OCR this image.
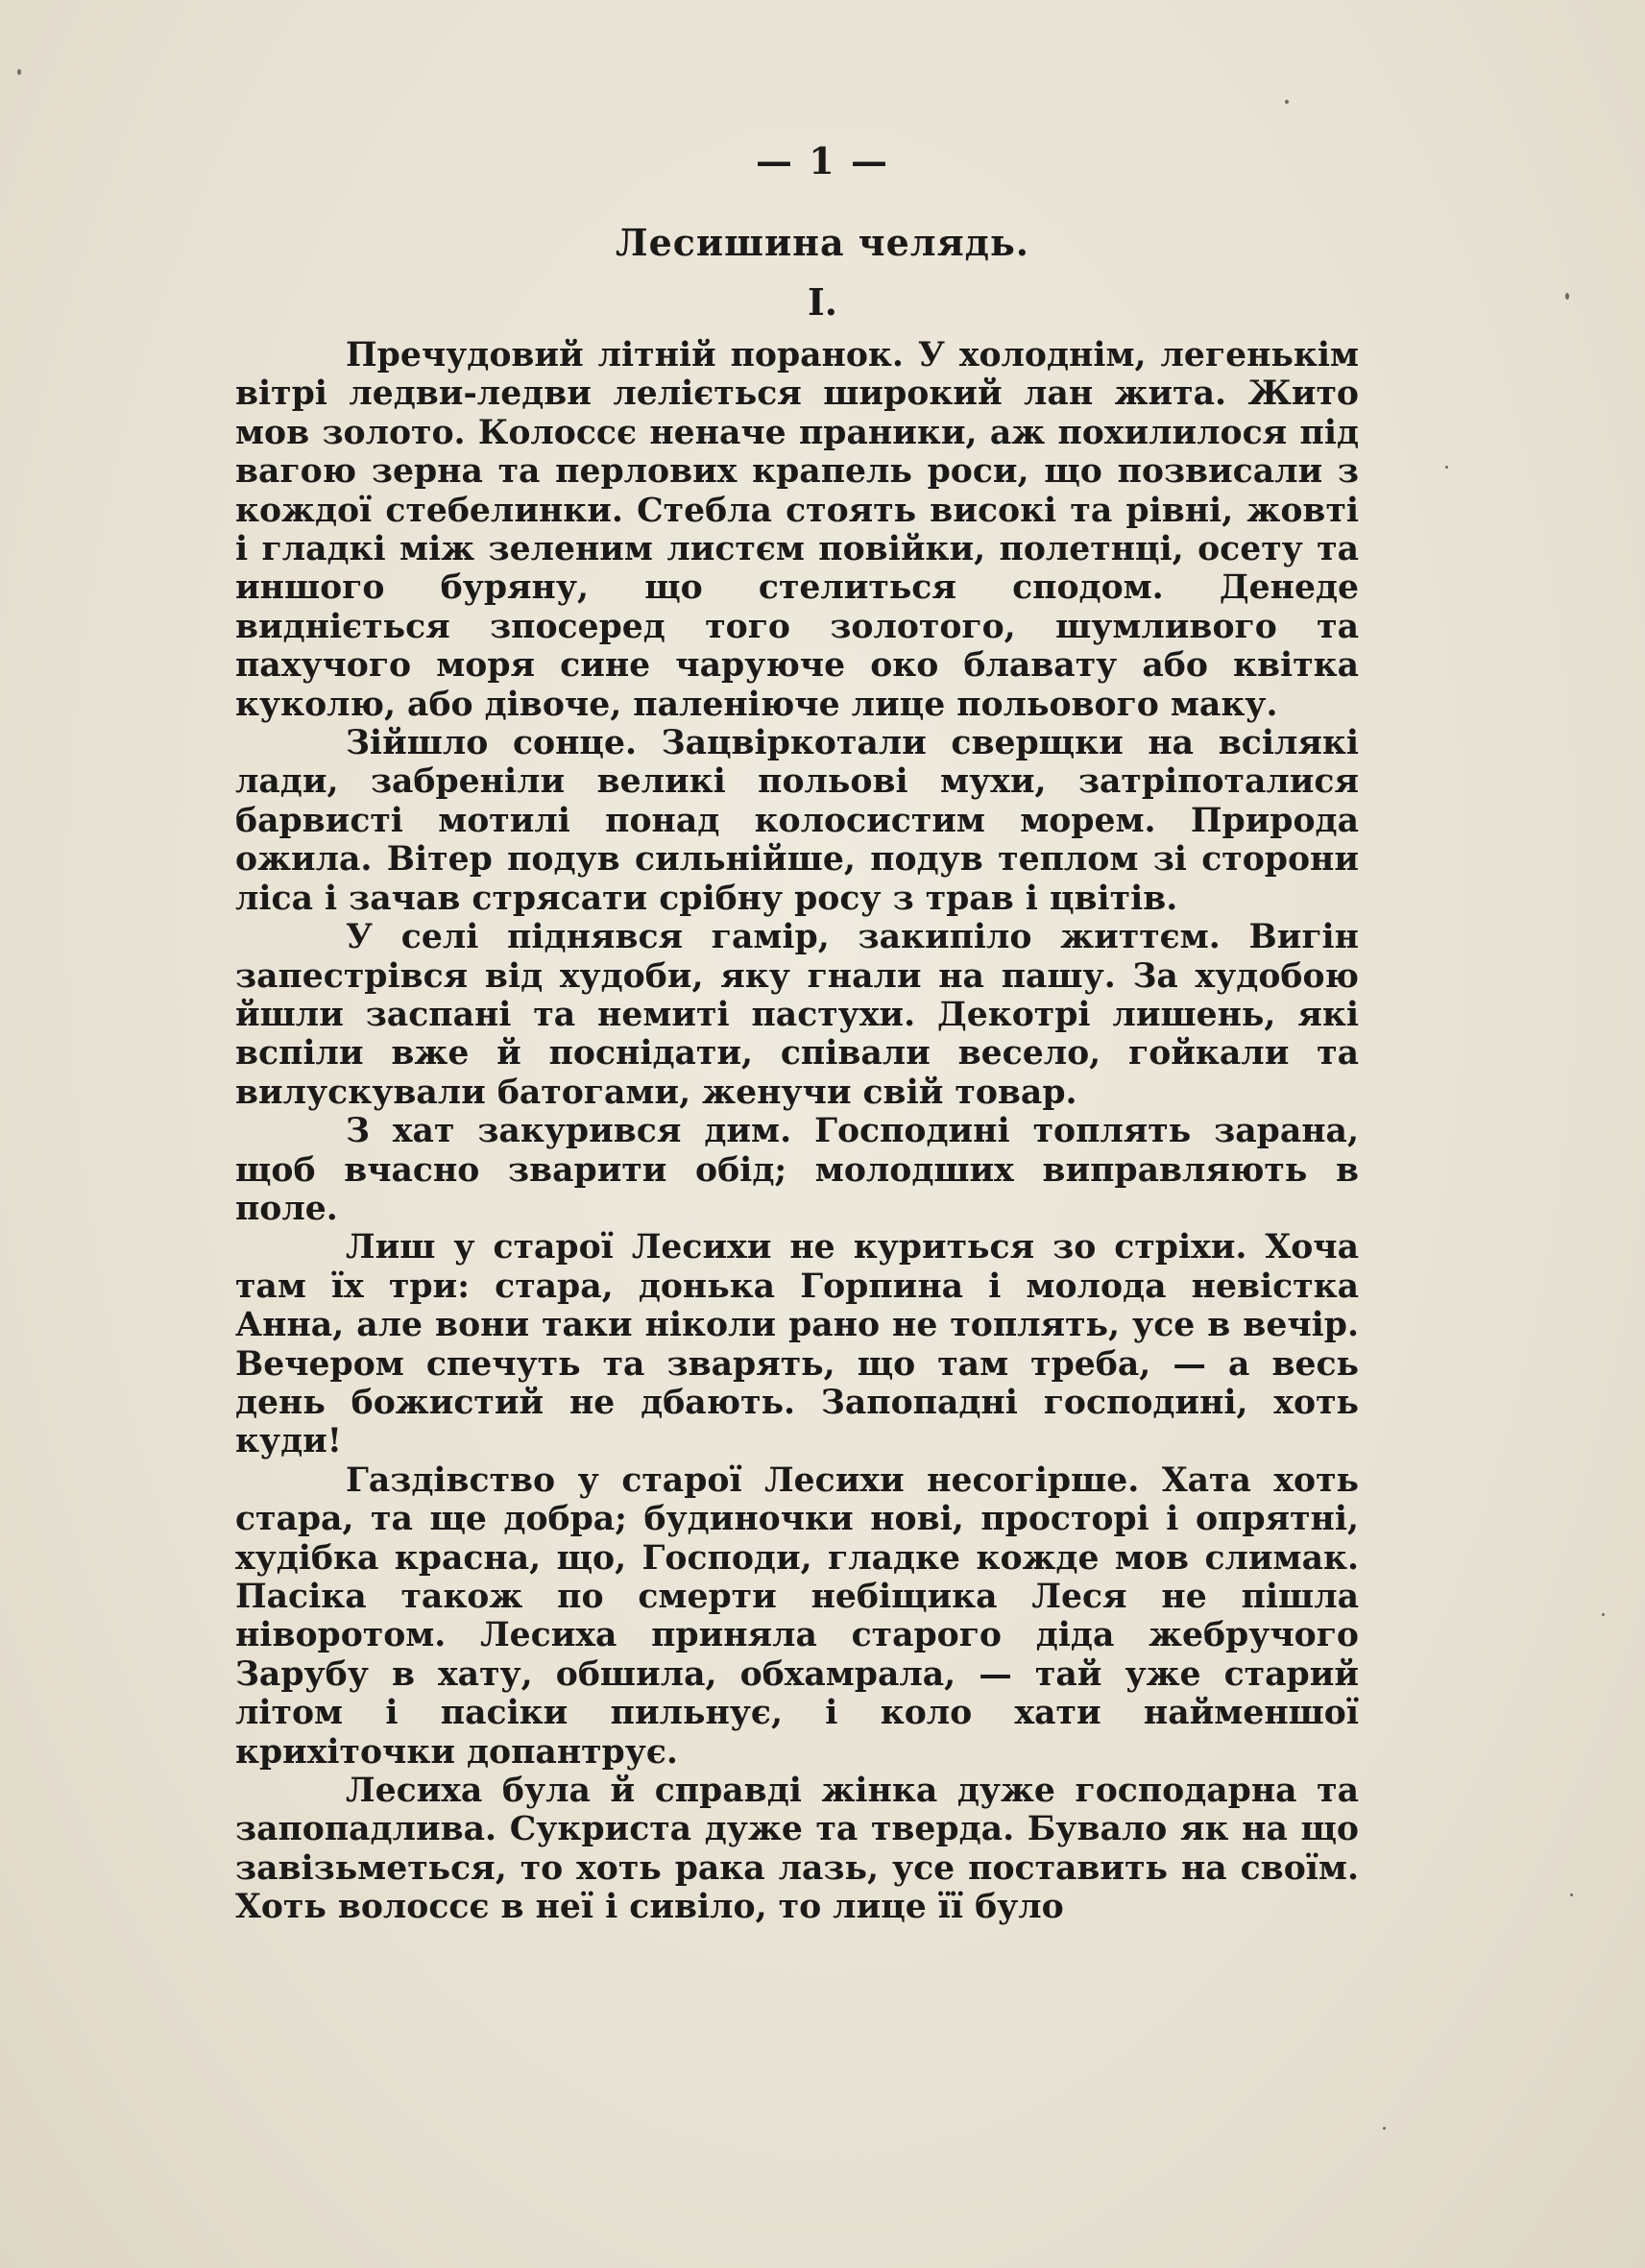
— 1 —
Лесишина челядь.
I.

Пречудовий літній поранок. У холоднім, легенькім вітрі ледви-ледви леліється широкий лан жита. Жито мов золото. Колоссє неначе праники, аж похилилося під вагою зерна та перлових крапель роси, що позвисали з кождої стебелинки. Стебла стоять високі та рівні, жовті і гладкі між зеленим листєм повійки, полетнці, осету та иншого буряну, що стелиться сподом. Денеде видніється зпосеред того золотого, шумливого та пахучого моря сине чаруюче око блавату або квітка куколю, або дівоче, паленіюче лице польового маку.

Зійшло сонце. Зацвіркотали сверщки на всілякі лади, забреніли великі польові мухи, затріпоталися барвисті мотилі понад колосистим морем. Природа ожила. Вітер подув сильнійше, подув теплом зі сторони ліса і зачав стрясати срібну росу з трав і цвітів.

У селі піднявся гамір, закипіло життєм. Вигін запестрівся від худоби, яку гнали на пашу. За худобою йшли заспані та немиті пастухи. Декотрі лишень, які вспіли вже й поснідати, співали весело, гойкали та вилускували батогами, женучи свій товар.

З хат закурився дим. Господині топлять зарана, щоб вчасно зварити обід; молодших виправляють в поле.

Лиш у старої Лесихи не куриться зо стріхи. Хоча там їх три: стара, донька Горпина і молода невістка Анна, але вони таки ніколи рано не топлять, усе в вечір. Вечером спечуть та зварять, що там треба, — а весь день божистий не дбають. Запопадні господині, хоть куди!

Газдівство у старої Лесихи несогірше. Хата хоть стара, та ще добра; будиночки нові, просторі і опрятні, худібка красна, що, Господи, гладке кожде мов слимак. Пасіка також по смерти небіщика Леся не пішла ніворотом. Лесиха приняла старого діда жебручого Зарубу в хату, обшила, обхамрала, — тай уже старий літом і пасіки пильнує, і коло хати найменшої крихіточки допантрує.

Лесиха була й справді жінка дуже господарна та запопадлива. Сукриста дуже та тверда. Бувало як на що завізьметься, то хоть рака лазь, усе поставить на своїм. Хоть волоссє в неї і сивіло, то лице її було
